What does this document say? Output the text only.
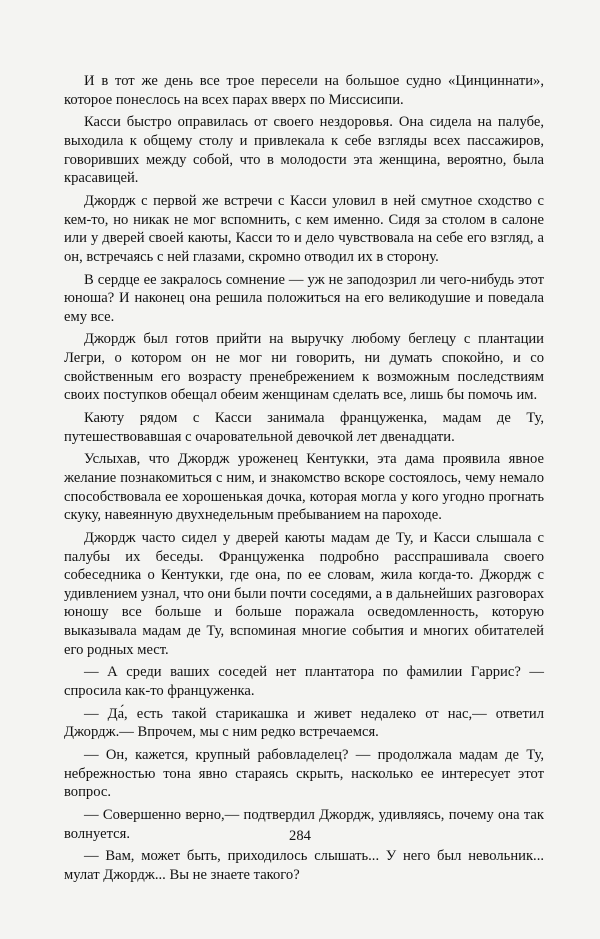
И в тот же день все трое пересели на большое судно «Цинциннати», которое понеслось на всех парах вверх по Миссисипи.

Касси быстро оправилась от своего нездоровья. Она сидела на палубе, выходила к общему столу и привлекала к себе взгляды всех пассажиров, говоривших между собой, что в молодости эта женщина, вероятно, была красавицей.

Джордж с первой же встречи с Касси уловил в ней смутное сходство с кем-то, но никак не мог вспомнить, с кем именно. Сидя за столом в салоне или у дверей своей каюты, Касси то и дело чувствовала на себе его взгляд, а он, встречаясь с ней глазами, скромно отводил их в сторону.

В сердце ее закралось сомнение — уж не заподозрил ли чего-нибудь этот юноша? И наконец она решила положиться на его великодушие и поведала ему все.

Джордж был готов прийти на выручку любому беглецу с плантации Легри, о котором он не мог ни говорить, ни думать спокойно, и со свойственным его возрасту пренебрежением к возможным последствиям своих поступков обещал обеим женщинам сделать все, лишь бы помочь им.

Каюту рядом с Касси занимала француженка, мадам де Ту, путешествовавшая с очаровательной девочкой лет двенадцати.

Услыхав, что Джордж уроженец Кентукки, эта дама проявила явное желание познакомиться с ним, и знакомство вскоре состоялось, чему немало способствовала ее хорошенькая дочка, которая могла у кого угодно прогнать скуку, навеянную двухнедельным пребыванием на пароходе.

Джордж часто сидел у дверей каюты мадам де Ту, и Касси слышала с палубы их беседы. Француженка подробно расспрашивала своего собеседника о Кентукки, где она, по ее словам, жила когда-то. Джордж с удивлением узнал, что они были почти соседями, а в дальнейших разговорах юношу все больше и больше поражала осведомленность, которую выказывала мадам де Ту, вспоминая многие события и многих обитателей его родных мест.

— А среди ваших соседей нет плантатора по фамилии Гаррис? — спросила как-то француженка.

— Да́, есть такой старикашка и живет недалеко от нас,— ответил Джордж.— Впрочем, мы с ним редко встречаемся.

— Он, кажется, крупный рабовладелец? — продолжала мадам де Ту, небрежностью тона явно стараясь скрыть, насколько ее интересует этот вопрос.

— Совершенно верно,— подтвердил Джордж, удивляясь, почему она так волнуется.

— Вам, может быть, приходилось слышать... У него был невольник... мулат Джордж... Вы не знаете такого?

284
